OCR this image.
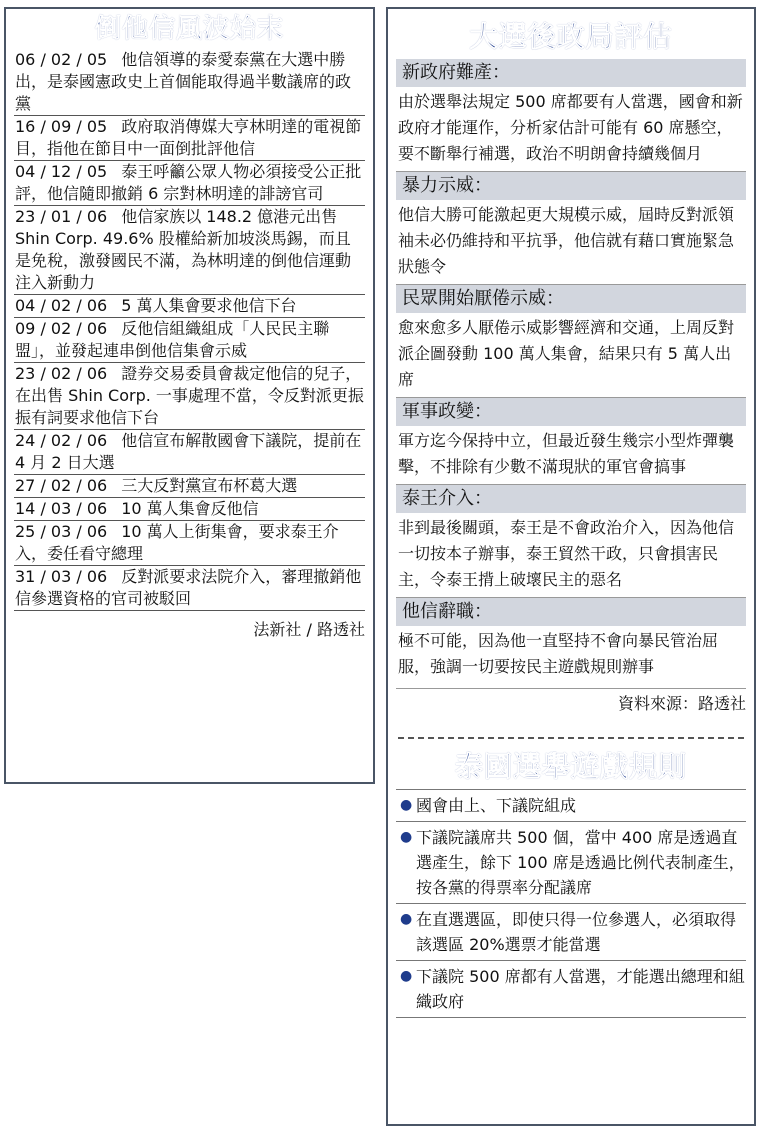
倒他信風波始末
06 / 02 / 05 他信領導的泰愛泰黨在大選中勝出，是泰國憲政史上首個能取得過半數議席的政黨
16 / 09 / 05 政府取消傳媒大亨林明達的電視節目，指他在節目中一面倒批評他信
04 / 12 / 05 泰王呼籲公眾人物必須接受公正批評，他信隨即撤銷 6 宗對林明達的誹謗官司
23 / 01 / 06 他信家族以 148.2 億港元出售 Shin Corp. 49.6% 股權給新加坡淡馬錫，而且是免稅，激發國民不滿，為林明達的倒他信運動注入新動力
04 / 02 / 06 5 萬人集會要求他信下台
09 / 02 / 06 反他信組織組成「人民民主聯盟」，並發起連串倒他信集會示威
23 / 02 / 06 證券交易委員會裁定他信的兒子，在出售 Shin Corp. 一事處理不當，令反對派更振振有詞要求他信下台
24 / 02 / 06 他信宣布解散國會下議院，提前在 4 月 2 日大選
27 / 02 / 06 三大反對黨宣布杯葛大選
14 / 03 / 06 10 萬人集會反他信
25 / 03 / 06 10 萬人上街集會，要求泰王介入，委任看守總理
31 / 03 / 06 反對派要求法院介入，審理撤銷他信參選資格的官司被駁回
法新社 / 路透社
大選後政局評估
新政府難產：
由於選舉法規定 500 席都要有人當選，國會和新政府才能運作，分析家估計可能有 60 席懸空，要不斷舉行補選，政治不明朗會持續幾個月
暴力示威：
他信大勝可能激起更大規模示威，屆時反對派領袖未必仍維持和平抗爭，他信就有藉口實施緊急狀態令
民眾開始厭倦示威：
愈來愈多人厭倦示威影響經濟和交通，上周反對派企圖發動 100 萬人集會，結果只有 5 萬人出席
軍事政變：
軍方迄今保持中立，但最近發生幾宗小型炸彈襲擊，不排除有少數不滿現狀的軍官會搞事
泰王介入：
非到最後關頭，泰王是不會政治介入，因為他信一切按本子辦事，泰王貿然干政，只會損害民主，令泰王揹上破壞民主的惡名
他信辭職：
極不可能，因為他一直堅持不會向暴民管治屈服，強調一切要按民主遊戲規則辦事
資料來源：路透社
泰國選舉遊戲規則
● 國會由上、下議院組成
● 下議院議席共 500 個，當中 400 席是透過直選產生，餘下 100 席是透過比例代表制產生，按各黨的得票率分配議席
● 在直選選區，即使只得一位參選人，必須取得該選區 20%選票才能當選
● 下議院 500 席都有人當選，才能選出總理和組織政府
